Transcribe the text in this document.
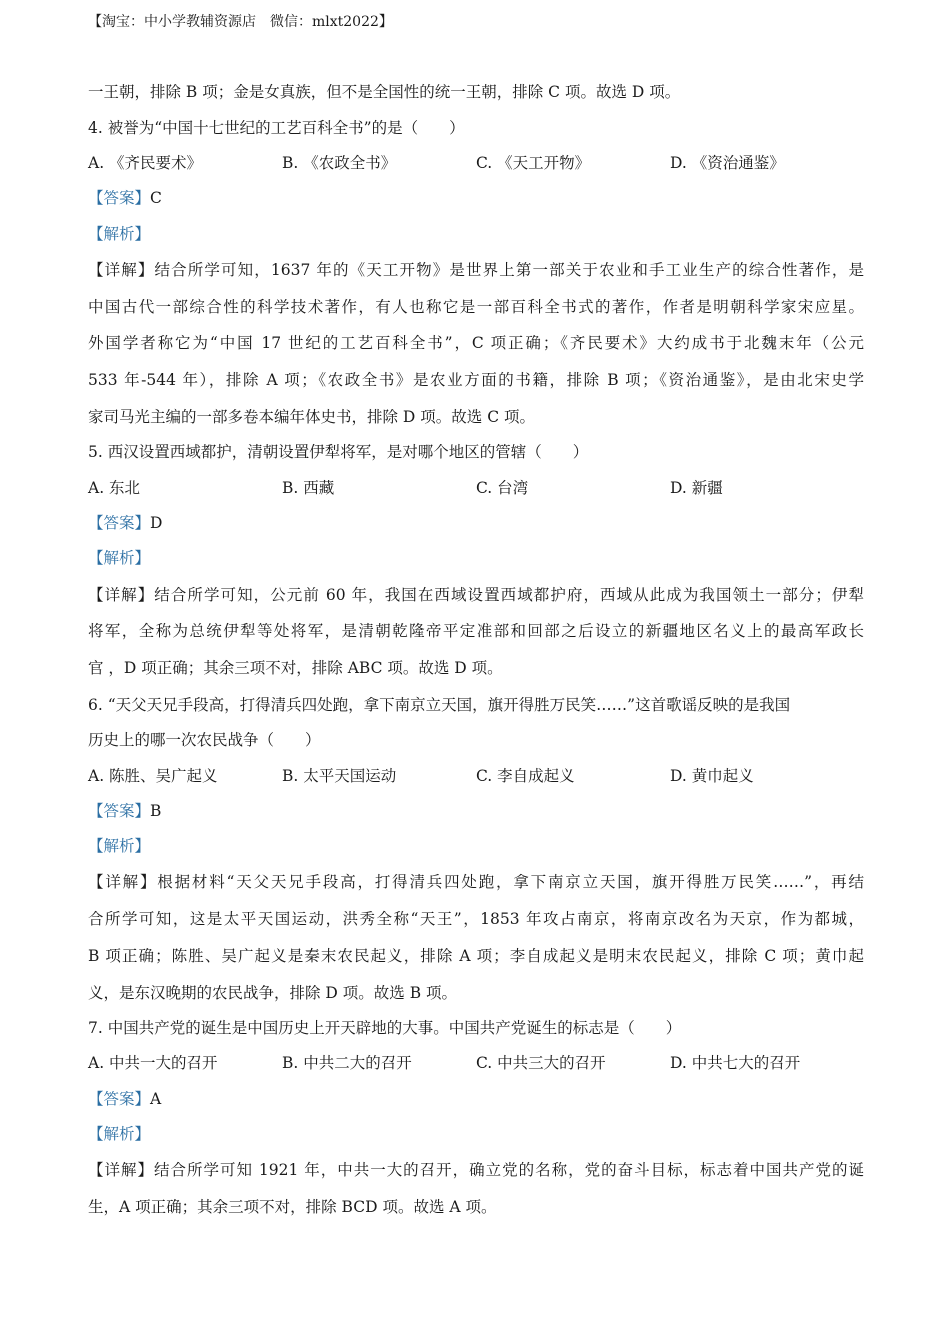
【淘宝：中小学教辅资源店 微信：mlxt2022】
一王朝，排除 B 项；金是女真族，但不是全国性的统一王朝，排除 C 项。故选 D 项。
4. 被誉为“中国十七世纪的工艺百科全书”的是（　　）
A. 《齐民要术》	B. 《农政全书》	C. 《天工开物》	D. 《资治通鉴》
【答案】C
【解析】
【详解】结合所学可知，1637 年的《天工开物》是世界上第一部关于农业和手工业生产的综合性著作，是
中国古代一部综合性的科学技术著作，有人也称它是一部百科全书式的著作，作者是明朝科学家宋应星。
外国学者称它为“中国 17 世纪的工艺百科全书”，C 项正确；《齐民要术》大约成书于北魏末年（公元
533 年-544 年），排除 A 项；《农政全书》是农业方面的书籍，排除 B 项；《资治通鉴》，是由北宋史学
家司马光主编的一部多卷本编年体史书，排除 D 项。故选 C 项。
5. 西汉设置西域都护，清朝设置伊犁将军，是对哪个地区的管辖（　　）
A. 东北	B. 西藏	C. 台湾	D. 新疆
【答案】D
【解析】
【详解】结合所学可知，公元前 60 年，我国在西域设置西域都护府，西域从此成为我国领土一部分；伊犁
将军，全称为总统伊犁等处将军，是清朝乾隆帝平定准部和回部之后设立的新疆地区名义上的最高军政长
官 ，D 项正确；其余三项不对，排除 ABC 项。故选 D 项。
6. “天父天兄手段高，打得清兵四处跑，拿下南京立天国，旗开得胜万民笑……”这首歌谣反映的是我国
历史上的哪一次农民战争（　　）
A. 陈胜、吴广起义	B. 太平天国运动	C. 李自成起义	D. 黄巾起义
【答案】B
【解析】
【详解】根据材料“天父天兄手段高，打得清兵四处跑，拿下南京立天国，旗开得胜万民笑……”，再结
合所学可知，这是太平天国运动，洪秀全称“天王”，1853 年攻占南京，将南京改名为天京，作为都城，
B 项正确；陈胜、吴广起义是秦末农民起义，排除 A 项；李自成起义是明末农民起义，排除 C 项；黄巾起
义，是东汉晚期的农民战争，排除 D 项。故选 B 项。
7. 中国共产党的诞生是中国历史上开天辟地的大事。中国共产党诞生的标志是（　　）
A. 中共一大的召开	B. 中共二大的召开	C. 中共三大的召开	D. 中共七大的召开
【答案】A
【解析】
【详解】结合所学可知 1921 年，中共一大的召开，确立党的名称，党的奋斗目标，标志着中国共产党的诞
生，A 项正确；其余三项不对，排除 BCD 项。故选 A 项。
